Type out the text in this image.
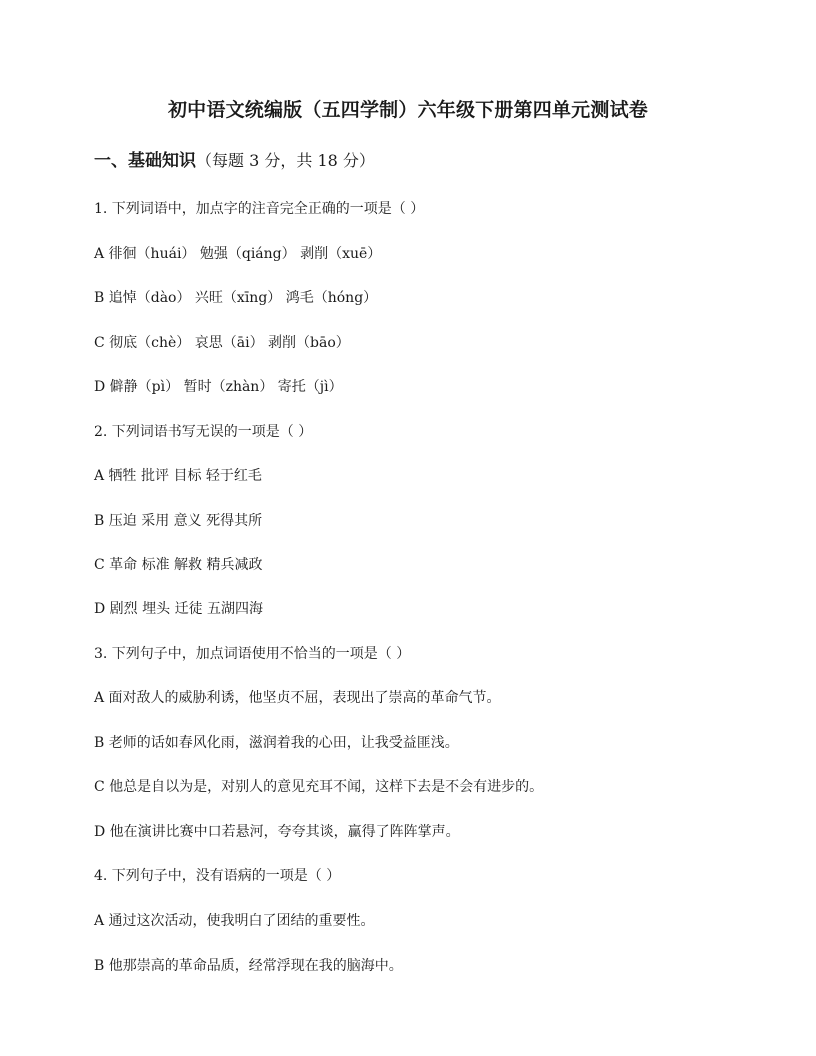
初中语文统编版（五四学制）六年级下册第四单元测试卷
一、基础知识（每题 3 分，共 18 分）
1. 下列词语中，加点字的注音完全正确的一项是（ ）
A 徘徊（huái） 勉强（qiáng） 剥削（xuē）
B 追悼（dào） 兴旺（xīng） 鸿毛（hóng）
C 彻底（chè） 哀思（āi） 剥削（bāo）
D 僻静（pì） 暂时（zhàn） 寄托（jì）
2. 下列词语书写无误的一项是（ ）
A 牺牲 批评 目标 轻于红毛
B 压迫 采用 意义 死得其所
C 革命 标准 解救 精兵减政
D 剧烈 埋头 迁徒 五湖四海
3. 下列句子中，加点词语使用不恰当的一项是（ ）
A 面对敌人的威胁利诱，他坚贞不屈，表现出了崇高的革命气节。
B 老师的话如春风化雨，滋润着我的心田，让我受益匪浅。
C 他总是自以为是，对别人的意见充耳不闻，这样下去是不会有进步的。
D 他在演讲比赛中口若悬河，夸夸其谈，赢得了阵阵掌声。
4. 下列句子中，没有语病的一项是（ ）
A 通过这次活动，使我明白了团结的重要性。
B 他那崇高的革命品质，经常浮现在我的脑海中。
